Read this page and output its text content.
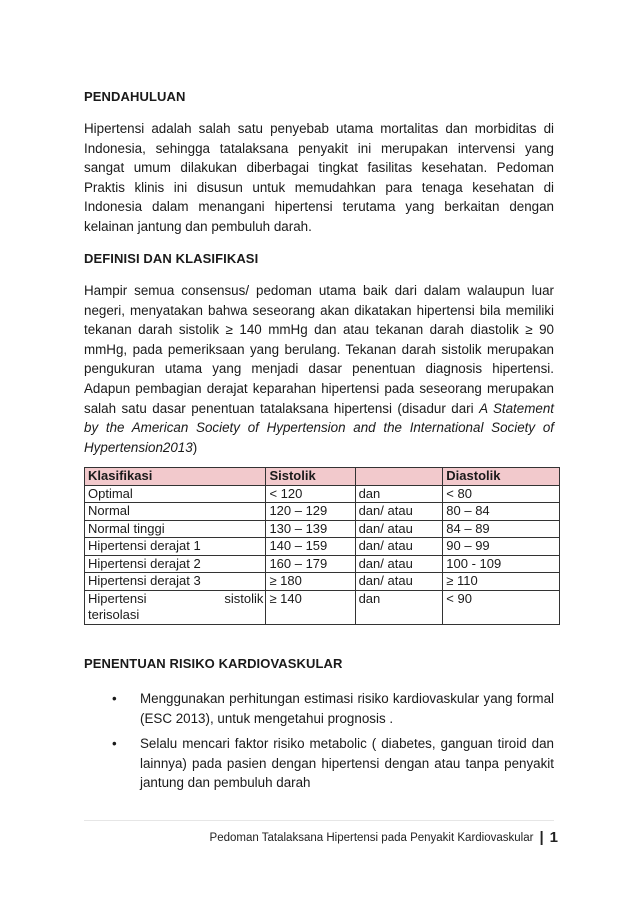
PENDAHULUAN

Hipertensi adalah salah satu penyebab utama mortalitas dan morbiditas di Indonesia, sehingga tatalaksana penyakit ini merupakan intervensi yang sangat umum dilakukan diberbagai tingkat fasilitas kesehatan. Pedoman Praktis klinis ini disusun untuk memudahkan para tenaga kesehatan di Indonesia dalam menangani hipertensi terutama yang berkaitan dengan kelainan jantung dan pembuluh darah.

DEFINISI DAN KLASIFIKASI

Hampir semua consensus/ pedoman utama baik dari dalam walaupun luar negeri, menyatakan bahwa seseorang akan dikatakan hipertensi bila memiliki tekanan darah sistolik ≥ 140 mmHg dan atau tekanan darah diastolik ≥ 90 mmHg, pada pemeriksaan yang berulang. Tekanan darah sistolik merupakan pengukuran utama yang menjadi dasar penentuan diagnosis hipertensi. Adapun pembagian derajat keparahan hipertensi pada seseorang merupakan salah satu dasar penentuan tatalaksana hipertensi (disadur dari A Statement by the American Society of Hypertension and the International Society of Hypertension2013)

Klasifikasi	Sistolik		Diastolik
Optimal	< 120	dan	< 80
Normal	120 – 129	dan/ atau	80 – 84
Normal tinggi	130 – 139	dan/ atau	84 – 89
Hipertensi derajat 1	140 – 159	dan/ atau	90 – 99
Hipertensi derajat 2	160 – 179	dan/ atau	100 - 109
Hipertensi derajat 3	≥ 180	dan/ atau	≥ 110

Hipertensi sistolik
terisolasi	≥ 140	dan	< 90
PENENTUAN RISIKO KARDIOVASKULAR
• Menggunakan perhitungan estimasi risiko kardiovaskular yang formal (ESC 2013), untuk mengetahui prognosis .
• Selalu mencari faktor risiko metabolic ( diabetes, ganguan tiroid dan lainnya) pada pasien dengan hipertensi dengan atau tanpa penyakit jantung dan pembuluh darah
Pedoman Tatalaksana Hipertensi pada Penyakit Kardiovaskular | 1
